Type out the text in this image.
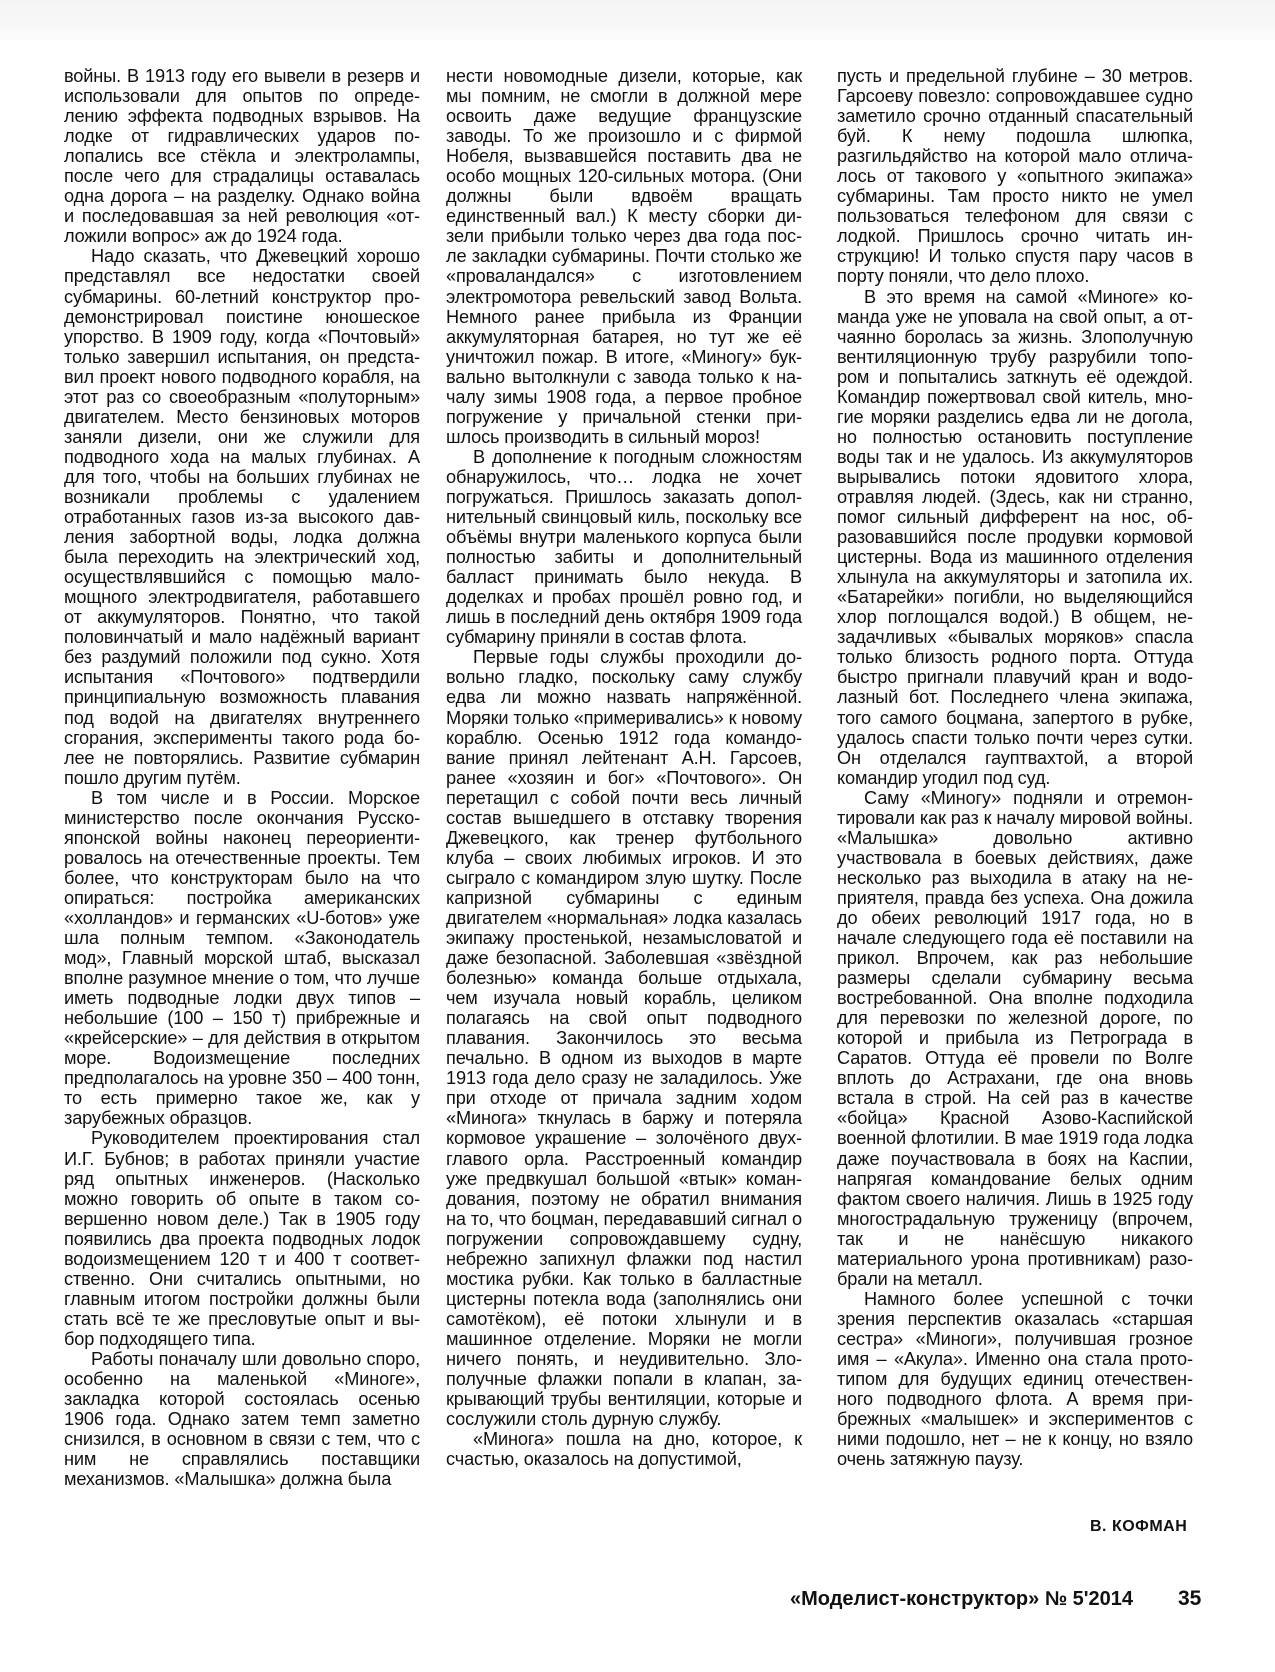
войны. В 1913 году его вывели в резерв и использовали для опытов по определению эффекта подводных взрывов. На лодке от гидравлических ударов полопались все стёкла и электролампы, после чего для страдалицы оставалась одна дорога – на разделку. Однако война и последовавшая за ней революция «отложили вопрос» аж до 1924 года.

Надо сказать, что Джевецкий хорошо представлял все недостатки своей субмарины. 60-летний конструктор продемонстрировал поистине юношеское упорство. В 1909 году, когда «Почтовый» только завершил испытания, он представил проект нового подводного корабля, на этот раз со своеобразным «полуторным» двигателем. Место бензиновых моторов заняли дизели, они же служили для подводного хода на малых глубинах. А для того, чтобы на больших глубинах не возникали проблемы с удалением отработанных газов из-за высокого давления забортной воды, лодка должна была переходить на электрический ход, осуществлявшийся с помощью маломощного электродвигателя, работавшего от аккумуляторов. Понятно, что такой половинчатый и мало надёжный вариант без раздумий положили под сукно. Хотя испытания «Почтового» подтвердили принципиальную возможность плавания под водой на двигателях внутреннего сгорания, эксперименты такого рода более не повторялись. Развитие субмарин пошло другим путём.

В том числе и в России. Морское министерство после окончания Русско-японской войны наконец переориентировалось на отечественные проекты. Тем более, что конструкторам было на что опираться: постройка американских «холландов» и германских «U-ботов» уже шла полным темпом. «Законодатель мод», Главный морской штаб, высказал вполне разумное мнение о том, что лучше иметь подводные лодки двух типов – небольшие (100 – 150 т) прибрежные и «крейсерские» – для действия в открытом море. Водоизмещение последних предполагалось на уровне 350 – 400 тонн, то есть примерно такое же, как у зарубежных образцов.

Руководителем проектирования стал И.Г. Бубнов; в работах приняли участие ряд опытных инженеров. (Насколько можно говорить об опыте в таком совершенно новом деле.) Так в 1905 году появились два проекта подводных лодок водоизмещением 120 т и 400 т соответственно. Они считались опытными, но главным итогом постройки должны были стать всё те же пресловутые опыт и выбор подходящего типа.

Работы поначалу шли довольно споро, особенно на маленькой «Миноге», закладка которой состоялась осенью 1906 года. Однако затем темп заметно снизился, в основном в связи с тем, что с ним не справлялись поставщики механизмов. «Малышка» должна была

нести новомодные дизели, которые, как мы помним, не смогли в должной мере освоить даже ведущие французские заводы. То же произошло и с фирмой Нобеля, вызвавшейся поставить два не особо мощных 120-сильных мотора. (Они должны были вдвоём вращать единственный вал.) К месту сборки дизели прибыли только через два года после закладки субмарины. Почти столько же «проваландался» с изготовлением электромотора ревельский завод Вольта. Немного ранее прибыла из Франции аккумуляторная батарея, но тут же её уничтожил пожар. В итоге, «Миногу» буквально вытолкнули с завода только к началу зимы 1908 года, а первое пробное погружение у причальной стенки пришлось производить в сильный мороз!

В дополнение к погодным сложностям обнаружилось, что… лодка не хочет погружаться. Пришлось заказать дополнительный свинцовый киль, поскольку все объёмы внутри маленького корпуса были полностью забиты и дополнительный балласт принимать было некуда. В доделках и пробах прошёл ровно год, и лишь в последний день октября 1909 года субмарину приняли в состав флота.

Первые годы службы проходили довольно гладко, поскольку саму службу едва ли можно назвать напряжённой. Моряки только «примеривались» к новому кораблю. Осенью 1912 года командование принял лейтенант А.Н. Гарсоев, ранее «хозяин и бог» «Почтового». Он перетащил с собой почти весь личный состав вышедшего в отставку творения Джевецкого, как тренер футбольного клуба – своих любимых игроков. И это сыграло с командиром злую шутку. После капризной субмарины с единым двигателем «нормальная» лодка казалась экипажу простенькой, незамысловатой и даже безопасной. Заболевшая «звёздной болезнью» команда больше отдыхала, чем изучала новый корабль, целиком полагаясь на свой опыт подводного плавания. Закончилось это весьма печально. В одном из выходов в марте 1913 года дело сразу не заладилось. Уже при отходе от причала задним ходом «Минога» ткнулась в баржу и потеряла кормовое украшение – золочёного двухглавого орла. Расстроенный командир уже предвкушал большой «втык» командования, поэтому не обратил внимания на то, что боцман, передававший сигнал о погружении сопровождавшему судну, небрежно запихнул флажки под настил мостика рубки. Как только в балластные цистерны потекла вода (заполнялись они самотёком), её потоки хлынули и в машинное отделение. Моряки не могли ничего понять, и неудивительно. Злополучные флажки попали в клапан, закрывающий трубы вентиляции, которые и сослужили столь дурную службу.

«Минога» пошла на дно, которое, к счастью, оказалось на допустимой,

пусть и предельной глубине – 30 метров. Гарсоеву повезло: сопровождавшее судно заметило срочно отданный спасательный буй. К нему подошла шлюпка, разгильдяйство на которой мало отличалось от такового у «опытного экипажа» субмарины. Там просто никто не умел пользоваться телефоном для связи с лодкой. Пришлось срочно читать инструкцию! И только спустя пару часов в порту поняли, что дело плохо.

В это время на самой «Миноге» команда уже не уповала на свой опыт, а отчаянно боролась за жизнь. Злополучную вентиляционную трубу разрубили топором и попытались заткнуть её одеждой. Командир пожертвовал свой китель, многие моряки разделись едва ли не догола, но полностью остановить поступление воды так и не удалось. Из аккумуляторов вырывались потоки ядовитого хлора, отравляя людей. (Здесь, как ни странно, помог сильный дифферент на нос, образовавшийся после продувки кормовой цистерны. Вода из машинного отделения хлынула на аккумуляторы и затопила их. «Батарейки» погибли, но выделяющийся хлор поглощался водой.) В общем, незадачливых «бывалых моряков» спасла только близость родного порта. Оттуда быстро пригнали плавучий кран и водолазный бот. Последнего члена экипажа, того самого боцмана, запертого в рубке, удалось спасти только почти через сутки. Он отделался гауптвахтой, а второй командир угодил под суд.

Саму «Миногу» подняли и отремонтировали как раз к началу мировой войны. «Малышка» довольно активно участвовала в боевых действиях, даже несколько раз выходила в атаку на неприятеля, правда без успеха. Она дожила до обеих революций 1917 года, но в начале следующего года её поставили на прикол. Впрочем, как раз небольшие размеры сделали субмарину весьма востребованной. Она вполне подходила для перевозки по железной дороге, по которой и прибыла из Петрограда в Саратов. Оттуда её провели по Волге вплоть до Астрахани, где она вновь встала в строй. На сей раз в качестве «бойца» Красной Азово-Каспийской военной флотилии. В мае 1919 года лодка даже поучаствовала в боях на Каспии, напрягая командование белых одним фактом своего наличия. Лишь в 1925 году многострадальную труженицу (впрочем, так и не нанёсшую никакого материального урона противникам) разобрали на металл.

Намного более успешной с точки зрения перспектив оказалась «старшая сестра» «Миноги», получившая грозное имя – «Акула». Именно она стала прототипом для будущих единиц отечественного подводного флота. А время прибрежных «малышек» и экспериментов с ними подошло, нет – не к концу, но взяло очень затяжную паузу.

В. КОФМАН
«Моделист-конструктор» № 5'2014 35
